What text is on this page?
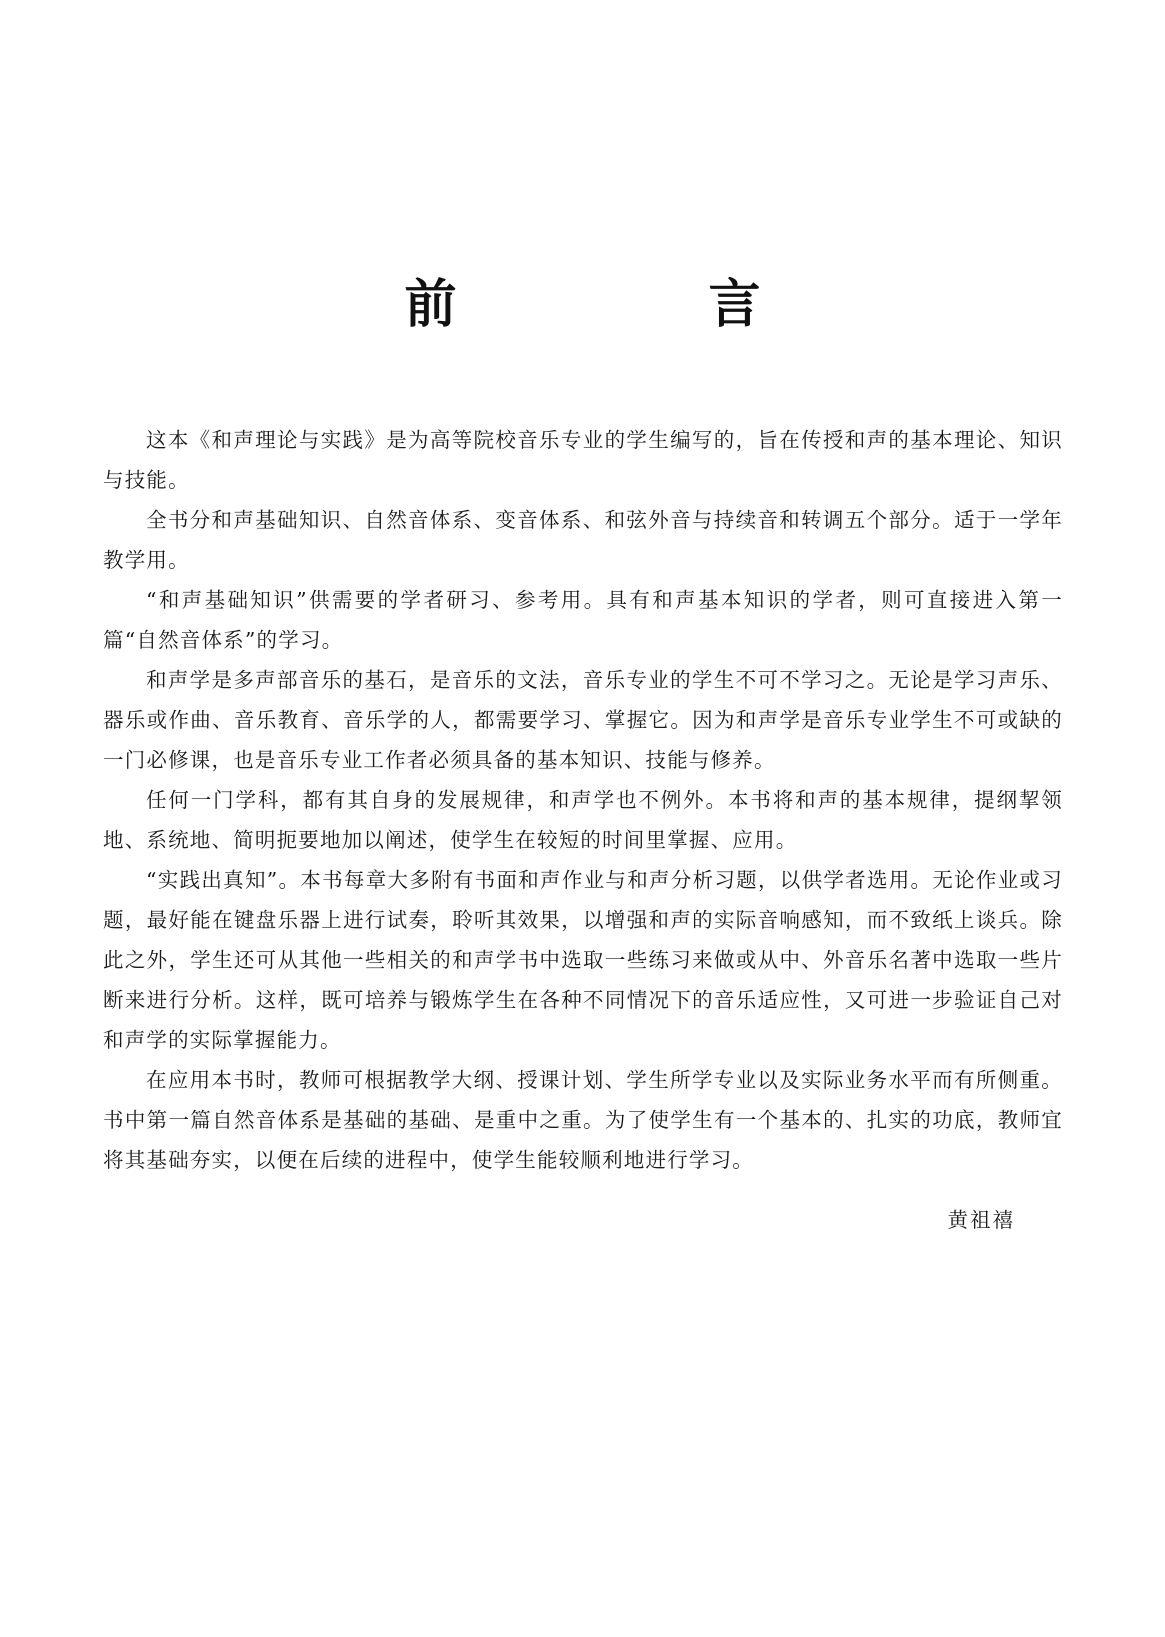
前　言

这本《和声理论与实践》是为高等院校音乐专业的学生编写的，旨在传授和声的基本理论、知识与技能。

全书分和声基础知识、自然音体系、变音体系、和弦外音与持续音和转调五个部分。适于一学年教学用。

“和声基础知识”供需要的学者研习、参考用。具有和声基本知识的学者，则可直接进入第一篇“自然音体系”的学习。

和声学是多声部音乐的基石，是音乐的文法，音乐专业的学生不可不学习之。无论是学习声乐、器乐或作曲、音乐教育、音乐学的人，都需要学习、掌握它。因为和声学是音乐专业学生不可或缺的一门必修课，也是音乐专业工作者必须具备的基本知识、技能与修养。

任何一门学科，都有其自身的发展规律，和声学也不例外。本书将和声的基本规律，提纲挈领地、系统地、简明扼要地加以阐述，使学生在较短的时间里掌握、应用。

“实践出真知”。本书每章大多附有书面和声作业与和声分析习题，以供学者选用。无论作业或习题，最好能在键盘乐器上进行试奏，聆听其效果，以增强和声的实际音响感知，而不致纸上谈兵。除此之外，学生还可从其他一些相关的和声学书中选取一些练习来做或从中、外音乐名著中选取一些片断来进行分析。这样，既可培养与锻炼学生在各种不同情况下的音乐适应性，又可进一步验证自己对和声学的实际掌握能力。

在应用本书时，教师可根据教学大纲、授课计划、学生所学专业以及实际业务水平而有所侧重。书中第一篇自然音体系是基础的基础、是重中之重。为了使学生有一个基本的、扎实的功底，教师宜将其基础夯实，以便在后续的进程中，使学生能较顺利地进行学习。

黄祖禧
